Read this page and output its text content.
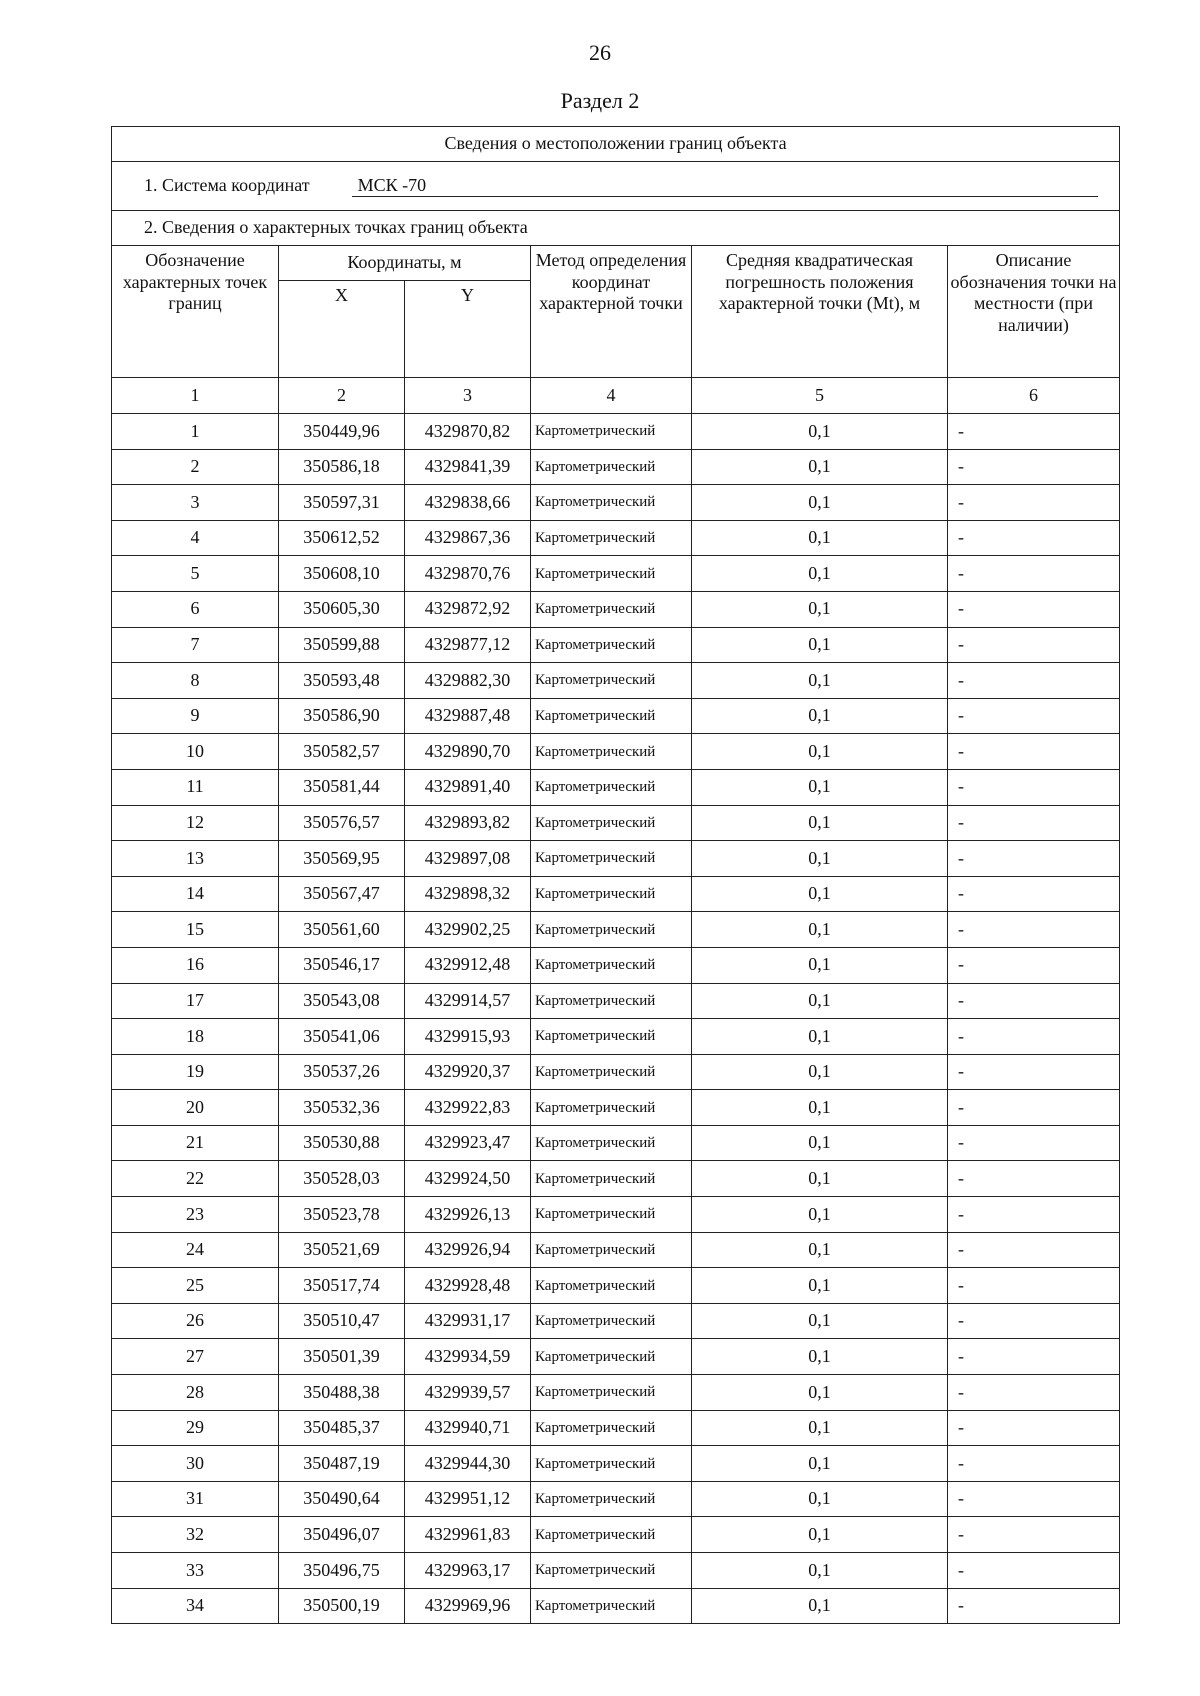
26
Раздел 2
Сведения о местоположении границ объекта					
1. Система координат МСК -70					
2. Сведения о характерных точках границ объекта					
Обозначение характерных точек границ	Координаты, м		Метод определения координат характерной точки	Средняя квадратическая погрешность положения характерной точки (Mt), м	Описание обозначения точки на местности (при наличии)
	X	Y			
1	2	3	4	5	6
1	350449,96	4329870,82	Картометрический	0,1	-
2	350586,18	4329841,39	Картометрический	0,1	-
3	350597,31	4329838,66	Картометрический	0,1	-
4	350612,52	4329867,36	Картометрический	0,1	-
5	350608,10	4329870,76	Картометрический	0,1	-
6	350605,30	4329872,92	Картометрический	0,1	-
7	350599,88	4329877,12	Картометрический	0,1	-
8	350593,48	4329882,30	Картометрический	0,1	-
9	350586,90	4329887,48	Картометрический	0,1	-
10	350582,57	4329890,70	Картометрический	0,1	-
11	350581,44	4329891,40	Картометрический	0,1	-
12	350576,57	4329893,82	Картометрический	0,1	-
13	350569,95	4329897,08	Картометрический	0,1	-
14	350567,47	4329898,32	Картометрический	0,1	-
15	350561,60	4329902,25	Картометрический	0,1	-
16	350546,17	4329912,48	Картометрический	0,1	-
17	350543,08	4329914,57	Картометрический	0,1	-
18	350541,06	4329915,93	Картометрический	0,1	-
19	350537,26	4329920,37	Картометрический	0,1	-
20	350532,36	4329922,83	Картометрический	0,1	-
21	350530,88	4329923,47	Картометрический	0,1	-
22	350528,03	4329924,50	Картометрический	0,1	-
23	350523,78	4329926,13	Картометрический	0,1	-
24	350521,69	4329926,94	Картометрический	0,1	-
25	350517,74	4329928,48	Картометрический	0,1	-
26	350510,47	4329931,17	Картометрический	0,1	-
27	350501,39	4329934,59	Картометрический	0,1	-
28	350488,38	4329939,57	Картометрический	0,1	-
29	350485,37	4329940,71	Картометрический	0,1	-
30	350487,19	4329944,30	Картометрический	0,1	-
31	350490,64	4329951,12	Картометрический	0,1	-
32	350496,07	4329961,83	Картометрический	0,1	-
33	350496,75	4329963,17	Картометрический	0,1	-
34	350500,19	4329969,96	Картометрический	0,1	-
